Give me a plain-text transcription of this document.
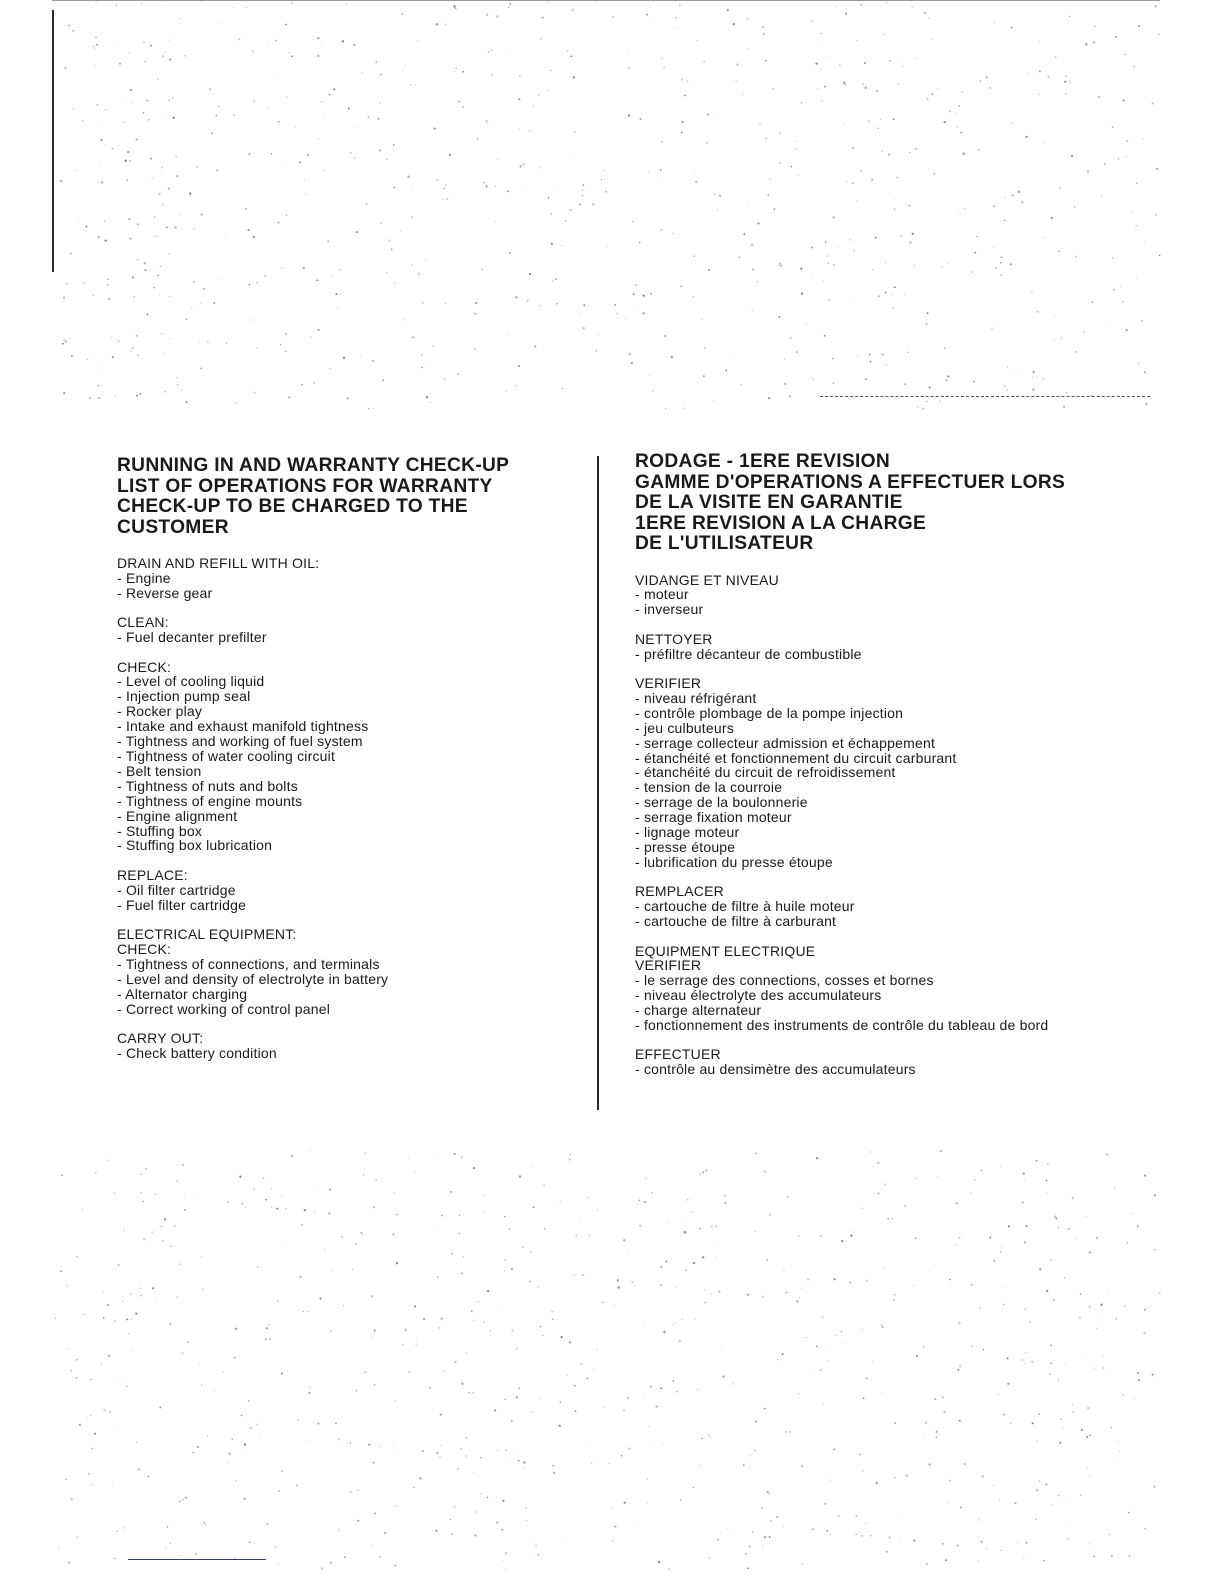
RUNNING IN AND WARRANTY CHECK-UP
LIST OF OPERATIONS FOR WARRANTY
CHECK-UP TO BE CHARGED TO THE
CUSTOMER
DRAIN AND REFILL WITH OIL:
- Engine
- Reverse gear
CLEAN:
- Fuel decanter prefilter
CHECK:
- Level of cooling liquid
- Injection pump seal
- Rocker play
- Intake and exhaust manifold tightness
- Tightness and working of fuel system
- Tightness of water cooling circuit
- Belt tension
- Tightness of nuts and bolts
- Tightness of engine mounts
- Engine alignment
- Stuffing box
- Stuffing box lubrication
REPLACE:
- Oil filter cartridge
- Fuel filter cartridge
ELECTRICAL EQUIPMENT:
CHECK:
- Tightness of connections, and terminals
- Level and density of electrolyte in battery
- Alternator charging
- Correct working of control panel
CARRY OUT:
- Check battery condition
RODAGE - 1ERE REVISION
GAMME D'OPERATIONS A EFFECTUER LORS
DE LA VISITE EN GARANTIE
1ERE REVISION A LA CHARGE
DE L'UTILISATEUR
VIDANGE ET NIVEAU
- moteur
- inverseur
NETTOYER
- préfiltre décanteur de combustible
VERIFIER
- niveau réfrigérant
- contrôle plombage de la pompe injection
- jeu culbuteurs
- serrage collecteur admission et échappement
- étanchéité et fonctionnement du circuit carburant
- étanchéité du circuit de refroidissement
- tension de la courroie
- serrage de la boulonnerie
- serrage fixation moteur
- lignage moteur
- presse étoupe
- lubrification du presse étoupe
REMPLACER
- cartouche de filtre à huile moteur
- cartouche de filtre à carburant
EQUIPMENT ELECTRIQUE
VERIFIER
- le serrage des connections, cosses et bornes
- niveau électrolyte des accumulateurs
- charge alternateur
- fonctionnement des instruments de contrôle du tableau de bord
EFFECTUER
- contrôle au densimètre des accumulateurs
